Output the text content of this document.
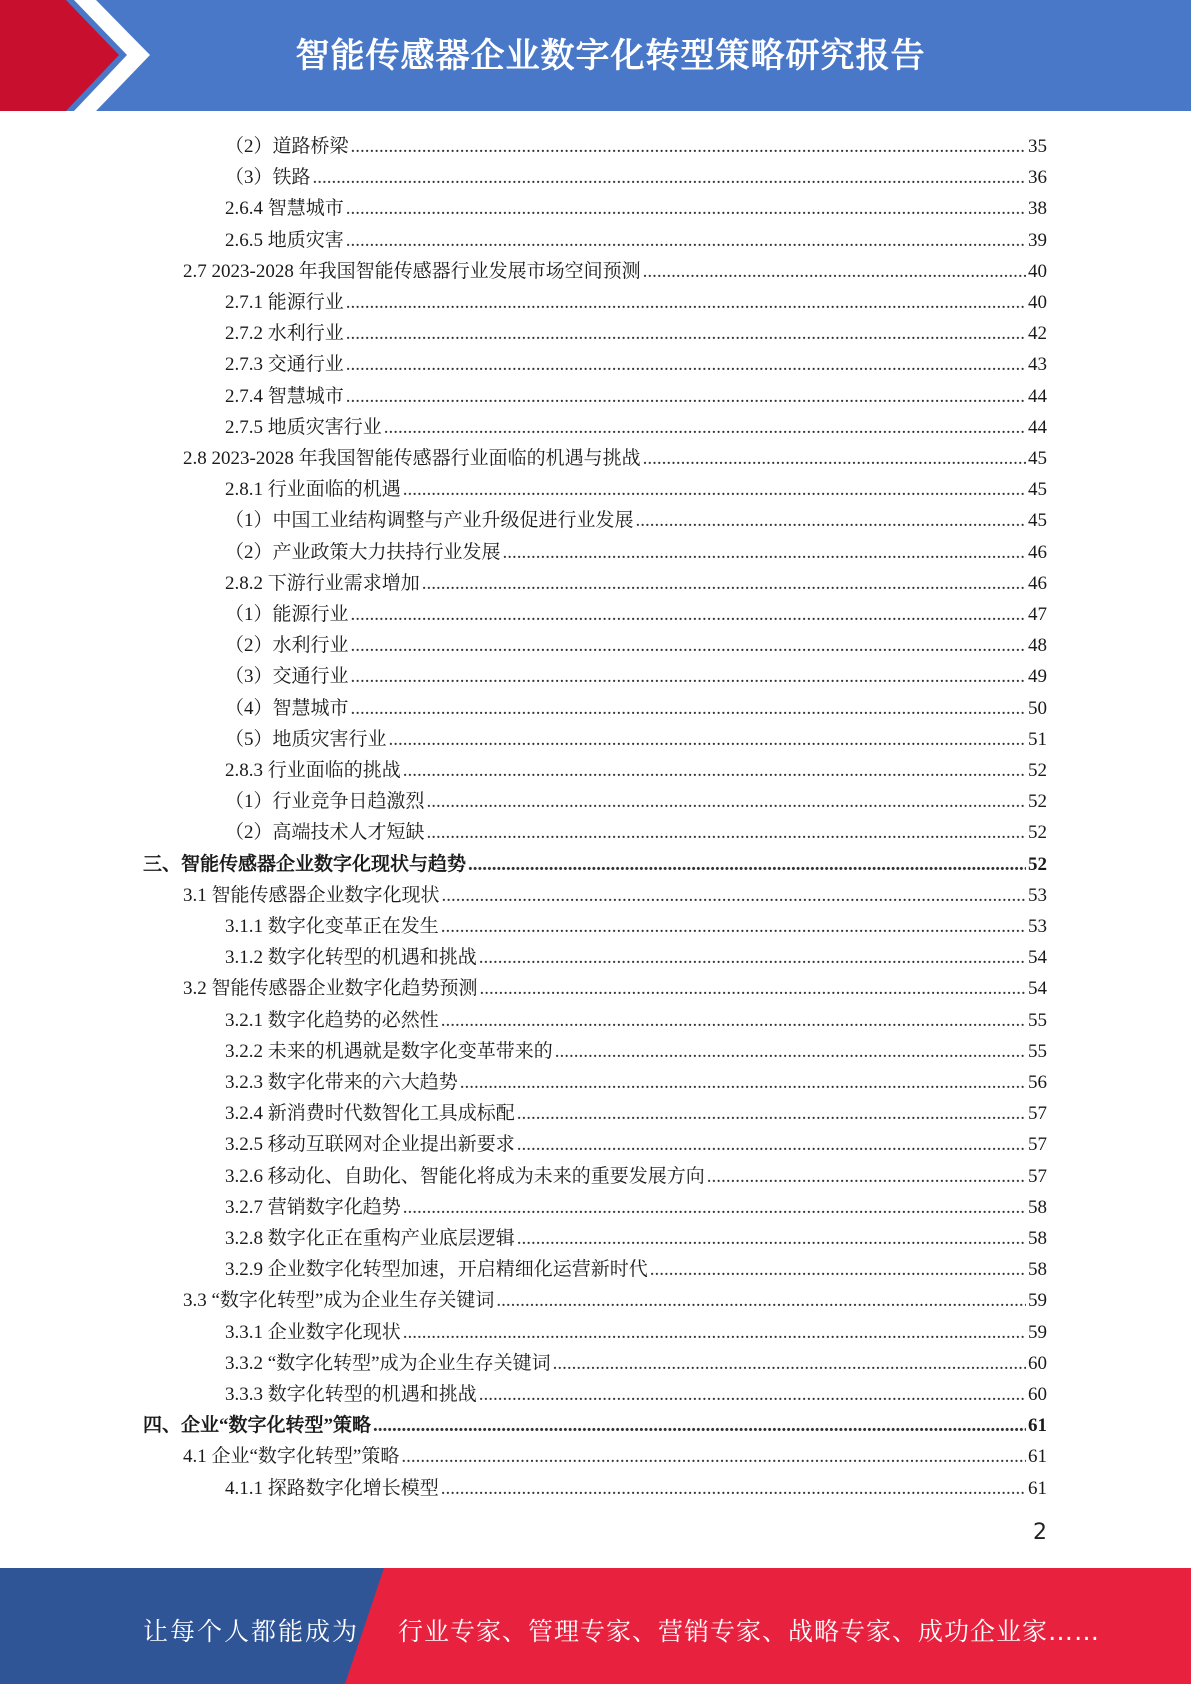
智能传感器企业数字化转型策略研究报告
（2）道路桥梁 .....	35
（3）铁路 .....	36
2.6.4 智慧城市 .....	38
2.6.5 地质灾害 .....	39
2.7 2023-2028 年我国智能传感器行业发展市场空间预测 .....	40
2.7.1 能源行业 .....	40
2.7.2 水利行业 .....	42
2.7.3 交通行业 .....	43
2.7.4 智慧城市 .....	44
2.7.5 地质灾害行业 .....	44
2.8 2023-2028 年我国智能传感器行业面临的机遇与挑战 .....	45
2.8.1 行业面临的机遇 .....	45
（1）中国工业结构调整与产业升级促进行业发展 .....	45
（2）产业政策大力扶持行业发展 .....	46
2.8.2 下游行业需求增加 .....	46
（1）能源行业 .....	47
（2）水利行业 .....	48
（3）交通行业 .....	49
（4）智慧城市 .....	50
（5）地质灾害行业 .....	51
2.8.3 行业面临的挑战 .....	52
（1）行业竞争日趋激烈 .....	52
（2）高端技术人才短缺 .....	52
三、智能传感器企业数字化现状与趋势 .....	52
3.1 智能传感器企业数字化现状 .....	53
3.1.1 数字化变革正在发生 .....	53
3.1.2 数字化转型的机遇和挑战 .....	54
3.2 智能传感器企业数字化趋势预测 .....	54
3.2.1 数字化趋势的必然性 .....	55
3.2.2 未来的机遇就是数字化变革带来的 .....	55
3.2.3 数字化带来的六大趋势 .....	56
3.2.4 新消费时代数智化工具成标配 .....	57
3.2.5 移动互联网对企业提出新要求 .....	57
3.2.6 移动化、自助化、智能化将成为未来的重要发展方向 .....	57
3.2.7 营销数字化趋势 .....	58
3.2.8 数字化正在重构产业底层逻辑 .....	58
3.2.9 企业数字化转型加速，开启精细化运营新时代 .....	58
3.3 “数字化转型”成为企业生存关键词 .....	59
3.3.1 企业数字化现状 .....	59
3.3.2 “数字化转型”成为企业生存关键词 .....	60
3.3.3 数字化转型的机遇和挑战 .....	60
四、企业“数字化转型”策略 .....	61
4.1 企业“数字化转型”策略 .....	61
4.1.1 探路数字化增长模型 .....	61
2
让每个人都能成为 行业专家、管理专家、营销专家、战略专家、成功企业家……
